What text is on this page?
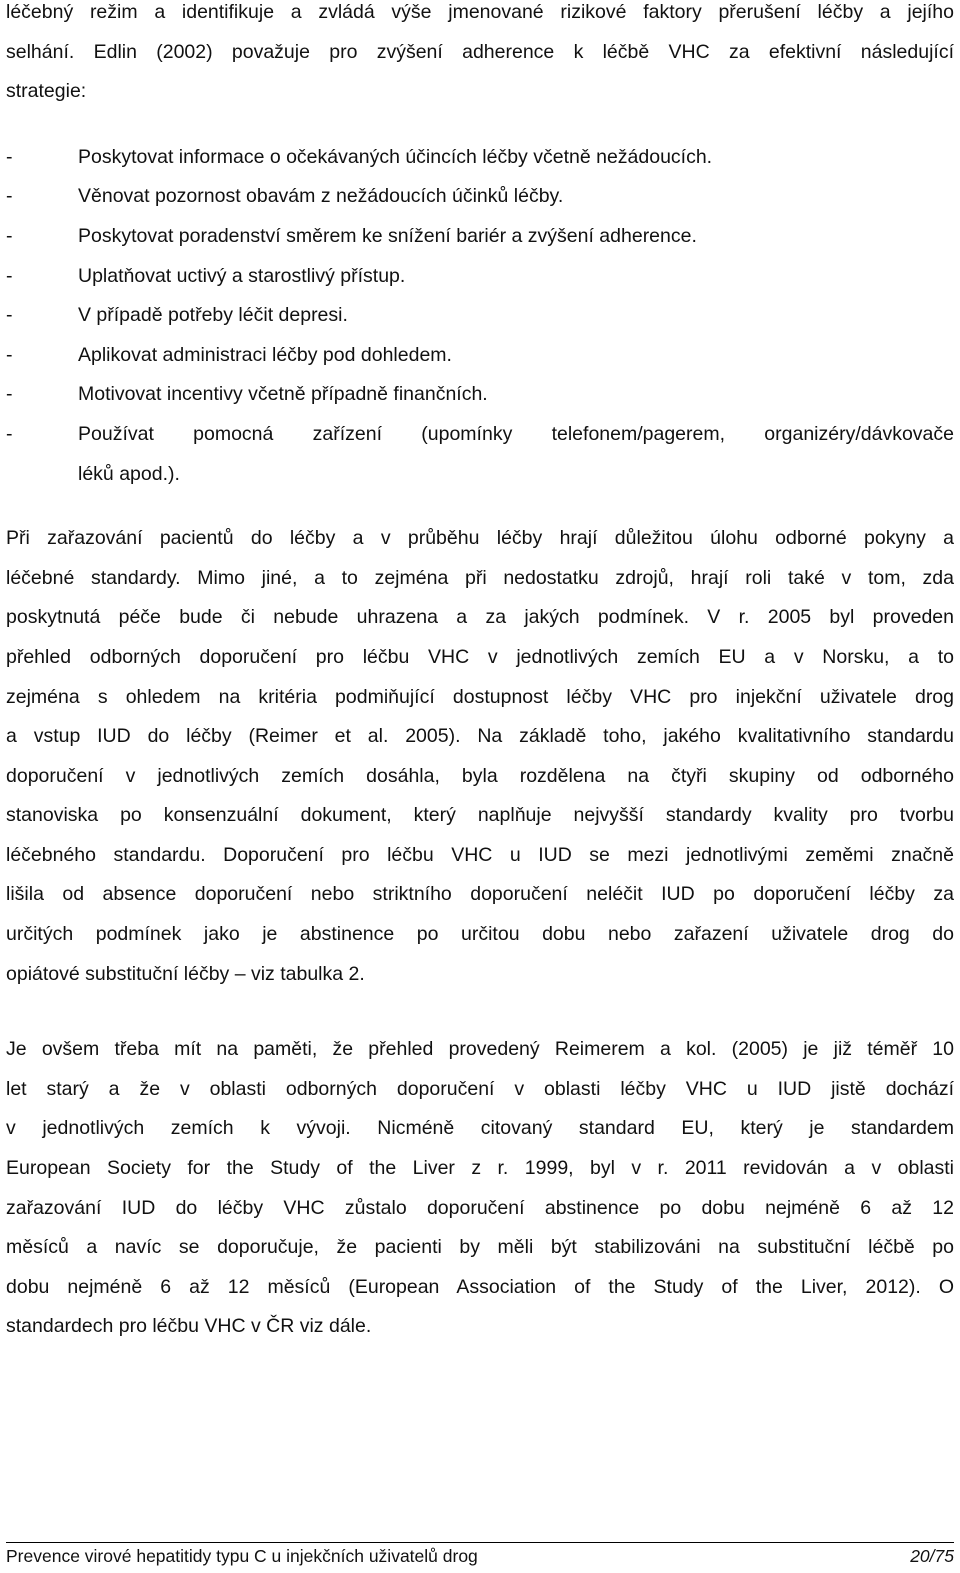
léčebný režim a identifikuje a zvládá výše jmenované rizikové faktory přerušení léčby a jejího
selhání. Edlin (2002) považuje pro zvýšení adherence k léčbě VHC za efektivní následující
strategie:
-	Poskytovat informace o očekávaných účincích léčby včetně nežádoucích.
-	Věnovat pozornost obavám z nežádoucích účinků léčby.
-	Poskytovat poradenství směrem ke snížení bariér a zvýšení adherence.
-	Uplatňovat uctivý a starostlivý přístup.
-	V případě potřeby léčit depresi.
-	Aplikovat administraci léčby pod dohledem.
-	Motivovat incentivy včetně případně finančních.
-	Používat pomocná zařízení (upomínky telefonem/pagerem, organizéry/dávkovače
léků apod.).
Při zařazování pacientů do léčby a v průběhu léčby hrají důležitou úlohu odborné pokyny a
léčebné standardy. Mimo jiné, a to zejména při nedostatku zdrojů, hrají roli také v tom, zda
poskytnutá péče bude či nebude uhrazena a za jakých podmínek. V r. 2005 byl proveden
přehled odborných doporučení pro léčbu VHC v jednotlivých zemích EU a v Norsku, a to
zejména s ohledem na kritéria podmiňující dostupnost léčby VHC pro injekční uživatele drog
a vstup IUD do léčby (Reimer et al. 2005). Na základě toho, jakého kvalitativního standardu
doporučení v jednotlivých zemích dosáhla, byla rozdělena na čtyři skupiny od odborného
stanoviska po konsenzuální dokument, který naplňuje nejvyšší standardy kvality pro tvorbu
léčebného standardu. Doporučení pro léčbu VHC u IUD se mezi jednotlivými zeměmi značně
lišila od absence doporučení nebo striktního doporučení neléčit IUD po doporučení léčby za
určitých podmínek jako je abstinence po určitou dobu nebo zařazení uživatele drog do
opiátové substituční léčby – viz tabulka 2.
Je ovšem třeba mít na paměti, že přehled provedený Reimerem a kol. (2005) je již téměř 10
let starý a že v oblasti odborných doporučení v oblasti léčby VHC u IUD jistě dochází
v jednotlivých zemích k vývoji. Nicméně citovaný standard EU, který je standardem
European Society for the Study of the Liver z r. 1999, byl v r. 2011 revidován a v oblasti
zařazování IUD do léčby VHC zůstalo doporučení abstinence po dobu nejméně 6 až 12
měsíců a navíc se doporučuje, že pacienti by měli být stabilizováni na substituční léčbě po
dobu nejméně 6 až 12 měsíců (European Association of the Study of the Liver, 2012). O
standardech pro léčbu VHC v ČR viz dále.
Prevence virové hepatitidy typu C u injekčních uživatelů drog	20/75
